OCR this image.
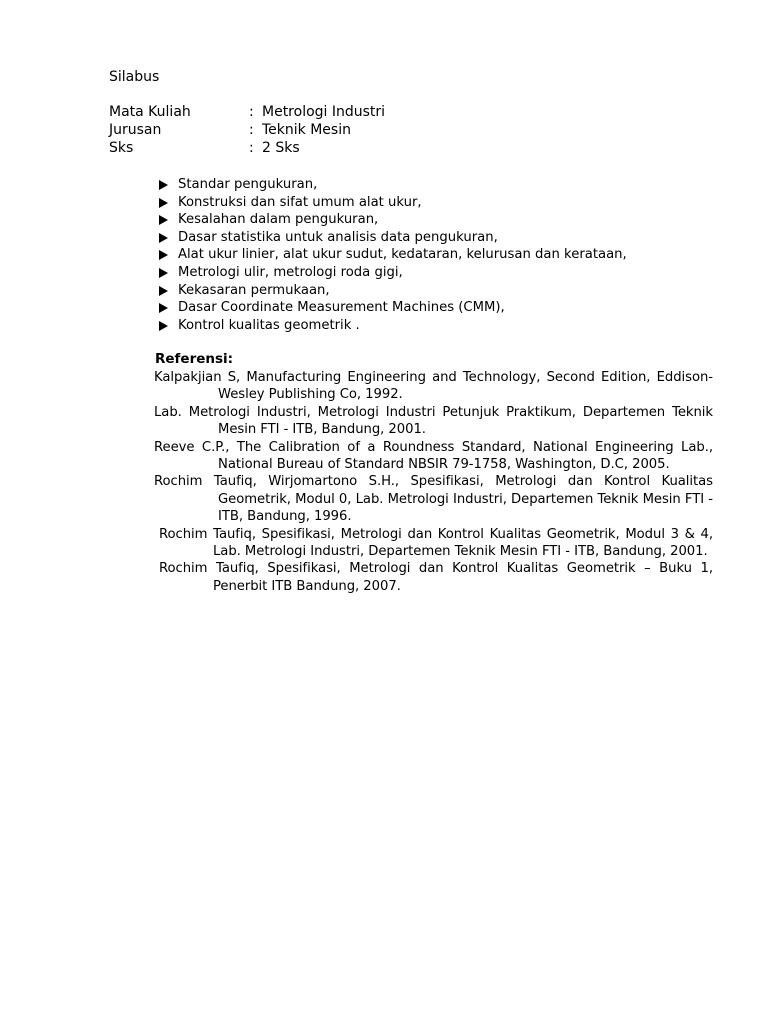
Silabus
Mata Kuliah	: Metrologi Industri
Jurusan	: Teknik Mesin
Sks	: 2 Sks
Standar pengukuran,
Konstruksi dan sifat umum alat ukur,
Kesalahan dalam pengukuran,
Dasar statistika untuk analisis data pengukuran,
Alat ukur linier, alat ukur sudut, kedataran, kelurusan dan kerataan,
Metrologi ulir, metrologi roda gigi,
Kekasaran permukaan,
Dasar Coordinate Measurement Machines (CMM),
Kontrol kualitas geometrik .
Referensi:

Kalpakjian S, Manufacturing Engineering and Technology, Second Edition, Eddison-Wesley Publishing Co, 1992.

Lab. Metrologi Industri, Metrologi Industri Petunjuk Praktikum, Departemen Teknik Mesin FTI - ITB, Bandung, 2001.

Reeve C.P., The Calibration of a Roundness Standard, National Engineering Lab., National Bureau of Standard NBSIR 79-1758, Washington, D.C, 2005.

Rochim Taufiq, Wirjomartono S.H., Spesifikasi, Metrologi dan Kontrol Kualitas Geometrik, Modul 0, Lab. Metrologi Industri, Departemen Teknik Mesin FTI - ITB, Bandung, 1996.

Rochim Taufiq, Spesifikasi, Metrologi dan Kontrol Kualitas Geometrik, Modul 3 & 4, Lab. Metrologi Industri, Departemen Teknik Mesin FTI - ITB, Bandung, 2001.

Rochim Taufiq, Spesifikasi, Metrologi dan Kontrol Kualitas Geometrik – Buku 1, Penerbit ITB Bandung, 2007.
